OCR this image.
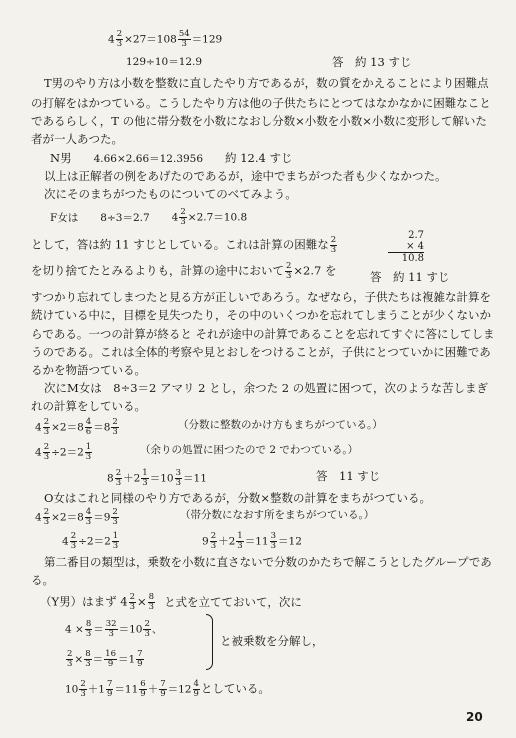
$4 \frac{2}{3} \times 27=108 \frac{54}{3} =129$
129÷10＝12.9	答　約 13 すじ
T男のやり方は小数を整数に直したやり方であるが，数の質をかえることにより困難点
の打解をはかつている。こうしたやり方は他の子供たちにとつてはなかなかに困難なこと
であるらしく，T の他に帯分数を小数になおし分数×小数を小数×小数に変形して解いた
者が一人あつた。
N男 4.66×2.66＝12.3956 約 12.4 すじ
以上は正解者の例をあげたのであるが，途中でまちがつた者も少くなかつた。
次にそのまちがつたものについてのべてみよう。
F女は 8÷3＝2.7 $4 \frac{2}{3} \times 2.7=10.8$
として，答は約 11 すじとしている。これは計算の困難な $\frac{2}{3}$
を切り捨てたとみるよりも，計算の途中において $\frac{2}{3} \times 2.7$ を
2.7
× 4
10.8
答　約 11 すじ
すつかり忘れてしまつたと見る方が正しいであろう。なぜなら，子供たちは複雑な計算を
続けている中に，目標を見失つたり，その中のいくつかを忘れてしまうことが少くないか
らである。一つの計算が終ると それが途中の計算であることを忘れてすぐに答にしてしま
うのである。これは全体的考察や見とおしをつけることが，子供にとつていかに困難であ
るかを物語つている。
次にM女は　8÷3＝2 アマリ 2 とし，余つた 2 の処置に困つて，次のような苦しまぎ
れの計算をしている。
$4 \frac{2}{3} \times 2=8 \frac{4}{6} =8 \frac{2}{3}$	（分数に整数のかけ方もまちがつている。）
$4 \frac{2}{3} \div 2=2 \frac{1}{3}$	（余りの処置に困つたので 2 でわつている。）
$8 \frac{2}{3} +2 \frac{1}{3} =10 \frac{3}{3} =11$	答　11 すじ
O女はこれと同様のやり方であるが，分数×整数の計算をまちがつている。
$4 \frac{2}{3} \times 2=8 \frac{4}{3} =9 \frac{2}{3}$	（帯分数になおす所をまちがつている。）
$4 \frac{2}{3} \div 2=2 \frac{1}{3}$	$9 \frac{2}{3} +2 \frac{1}{3} =11 \frac{3}{3} =12$
第二番目の類型は，乗数を小数に直さないで分数のかたちで解こうとしたグループであ
る。
（Y男）はまず $4 \frac{2}{3} \times \frac{8}{3}$ と式を立てておいて，次に
$4 \times \frac{8}{3} = \frac{32}{3} =10 \frac{2}{3}$ 、
$\frac{2}{3} \times \frac{8}{3} = \frac{16}{9} =1 \frac{7}{9}$
と被乗数を分解し，
$10 \frac{2}{3} +1 \frac{7}{9} =11 \frac{6}{9} + \frac{7}{9} =12 \frac{4}{9}$ としている。
20
